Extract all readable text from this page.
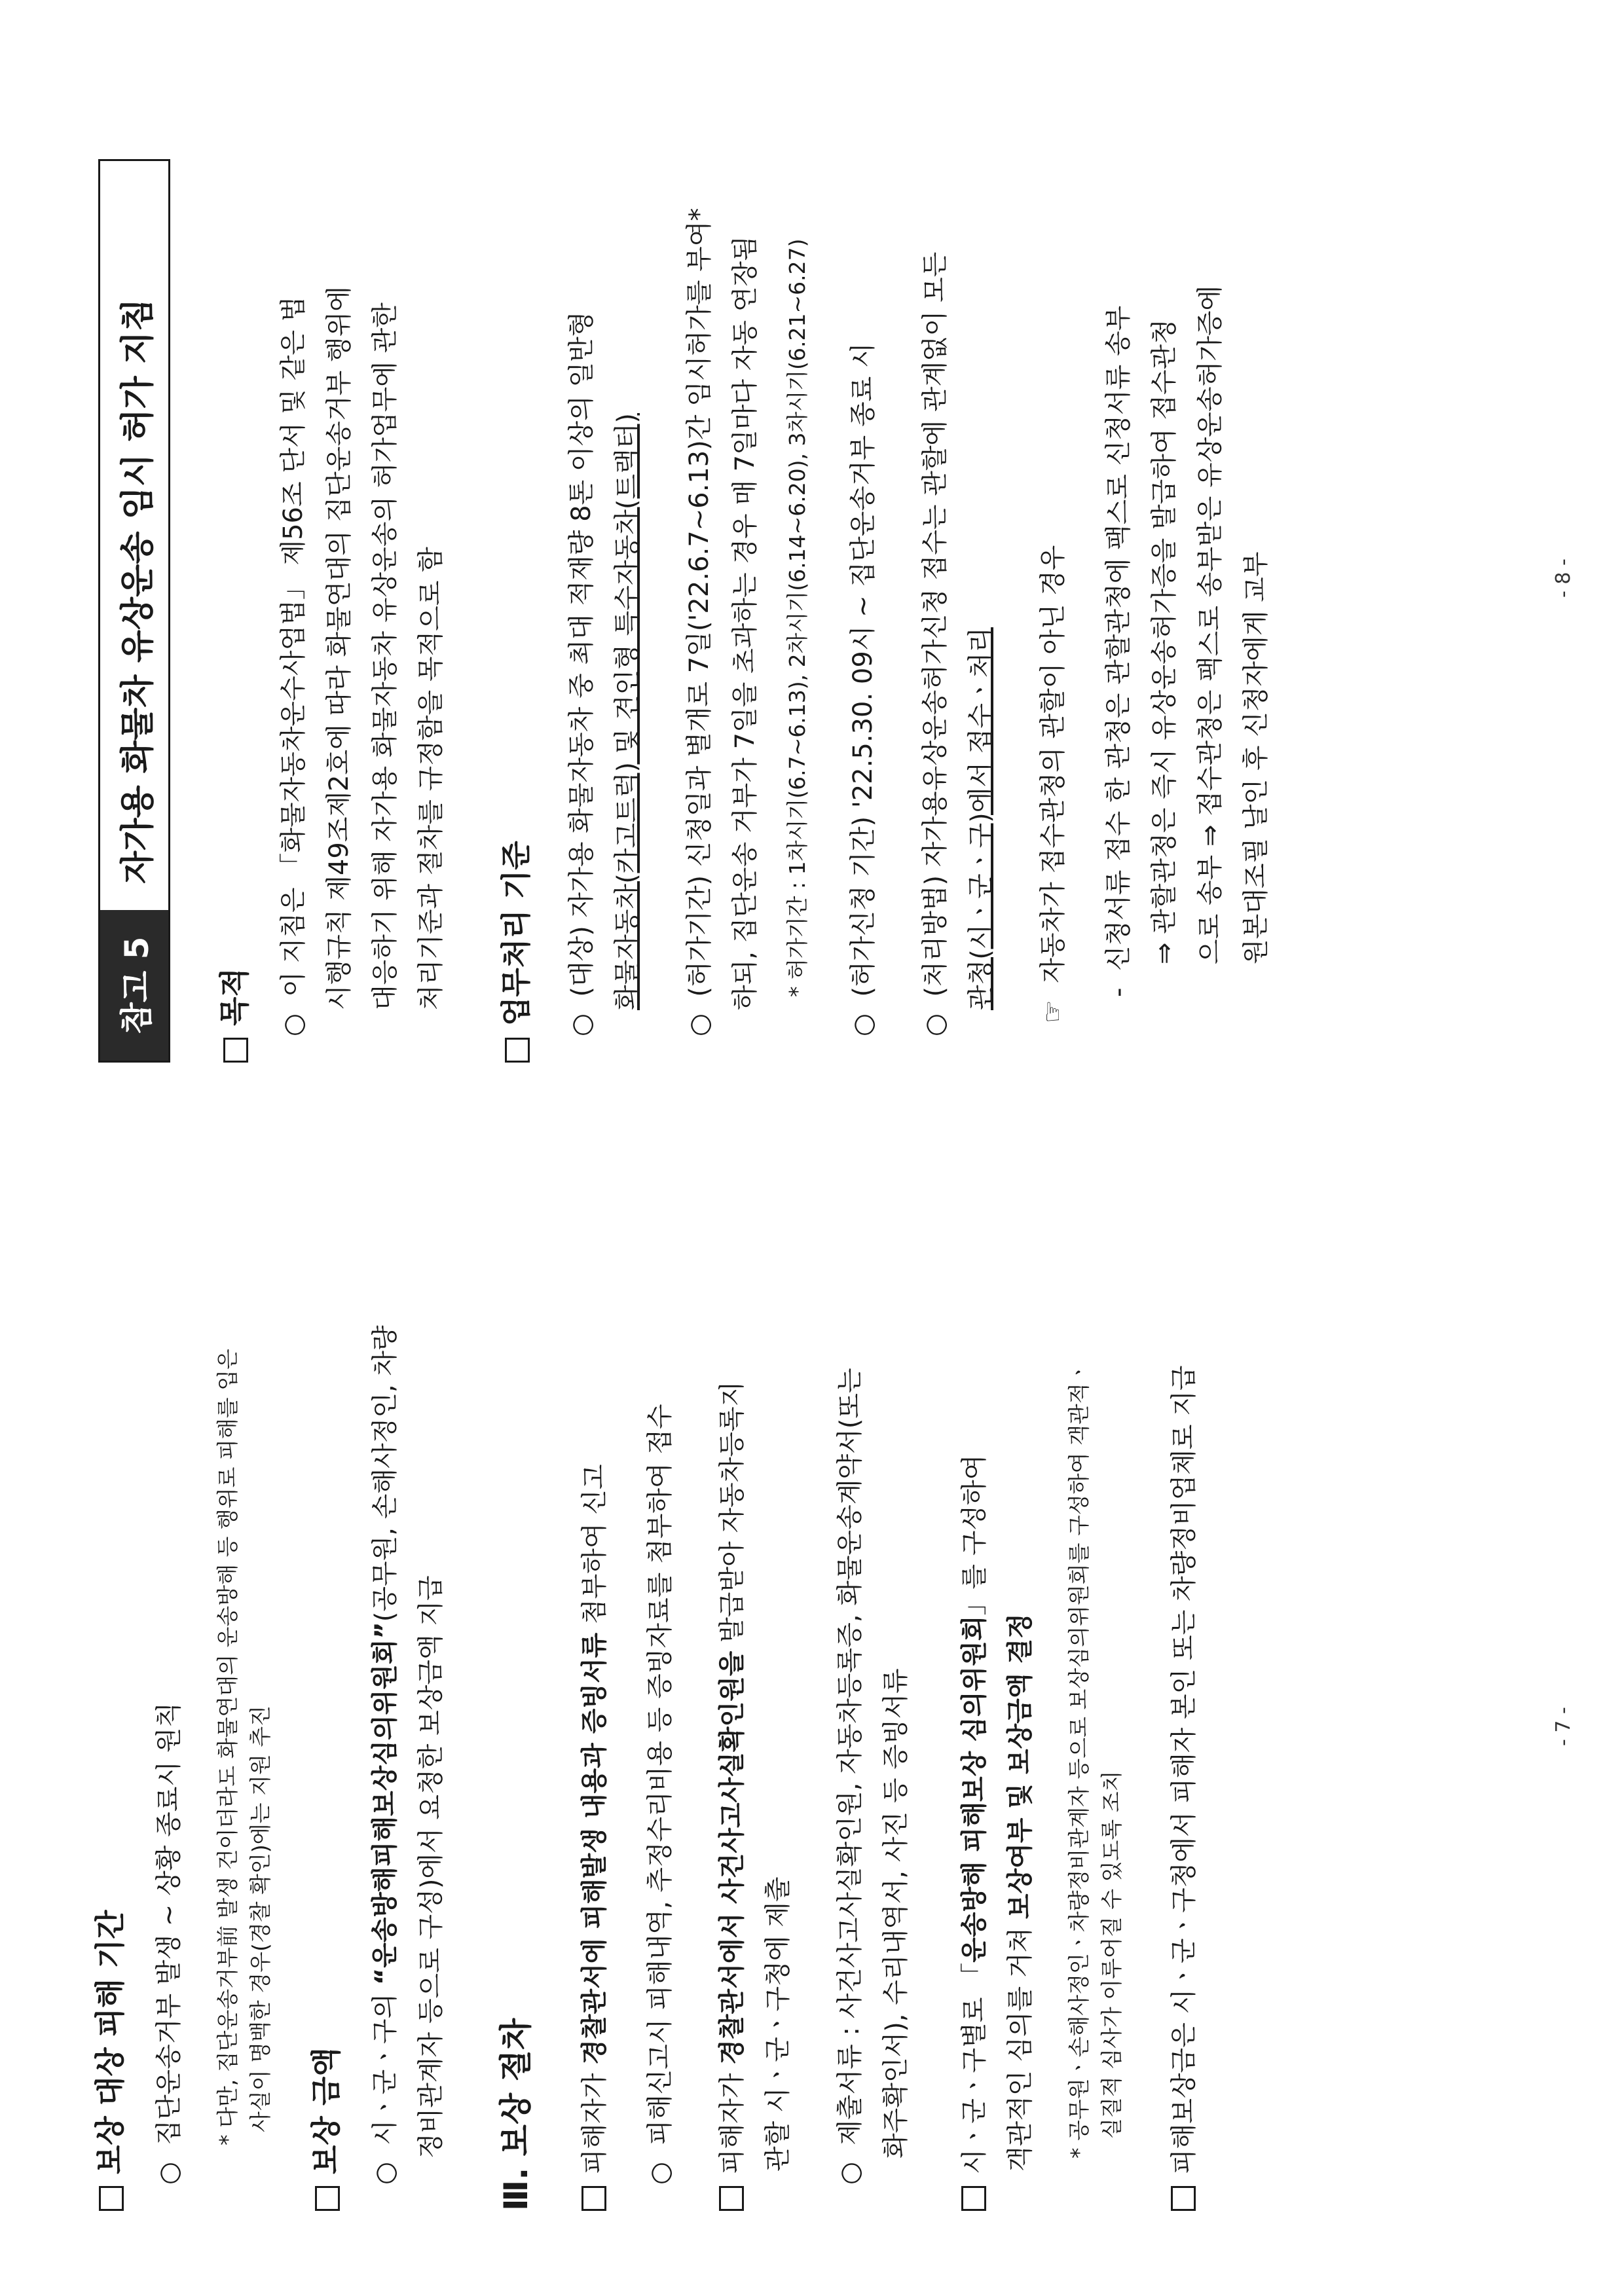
보상 대상 피해 기간 ○  집단운송거부 발생 ~ 상황 종료시 원칙 * 다만, 집단운송거부前 발생 건이더라도 화물연대의 운송방해 등 행위로 피해를 입은 사실이 명백한 경우(경찰 확인)에는 지원 추진 보상 금액 ○  시ㆍ군ㆍ구의 “운송방해피해보상심의위원회”(공무원, 손해사정인, 차량
정비관계자 등으로 구성)에서 요청한 보상금액 지급 Ⅲ. 보상 절차 피해자가 경찰관서에 피해발생 내용과 증빙서류 첨부하여 신고
○  피해신고시 피해내역, 추정수리비용 등 증빙자료를 첨부하여 접수 피해자가 경찰관서에서 사건사고사실확인원을 발급받아 자동차등록지
관할 시ㆍ군ㆍ구청에 제출
○  제출서류 : 사건사고사실확인원, 자동차등록증, 화물운송계약서(또는 화주확인서), 수리내역서, 사진 등 증빙서류 시ㆍ군ㆍ구별로 「운송방해 피해보상 심의위원회」를 구성하여
객관적인 심의를 거쳐 보상여부 및 보상금액 결정
* 공무원ㆍ손해사정인ㆍ차량정비관계자 등으로 보상심의위원회를 구성하여 객관적ㆍ 실질적 심사가 이루어질 수 있도록 조치 피해보상금은 시ㆍ군ㆍ구청에서 피해자 본인 또는 차량정비업체로 지급	- 7 -
참고 5
자가용 화물차 유상운송 임시 허가 지침
목적 ○  이 지침은 「화물자동차운수사업법」 제56조 단서 및 같은 법 시행규칙 제49조제2호에 따라 화물연대의 집단운송거부 행위에 대응하기 위해 자가용 화물자동차 유상운송의 허가업무에 관한 처리기준과 절차를 규정함을 목적으로 함 업무처리 기준 ○  (대상) 자가용 화물자동차 중 최대 적재량 8톤 이상의 일반형 화물자동차(카고트럭) 및 견인형 특수자동차(트랙터)
○  (허가기간) 신청일과 별개로 7일('22.6.7~6.13)간 임시허가를 부여* 하되, 집단운송 거부가 7일을 초과하는 경우 매 7일마다 자동 연장됨 * 허가기간 : 1차시기(6.7~6.13), 2차시기(6.14~6.20), 3차시기(6.21~6.27)
○  (허가신청 기간) '22.5.30. 09시 ~ 집단운송거부 종료 시
○  (처리방법) 자가용유상운송허가신청 접수는 관할에 관계없이 모든 관청(시ㆍ군ㆍ구)에서 접수ㆍ처리
☞  자동차가 접수관청의 관할이 아닌 경우
-  신청서류 접수 한 관청은 관할관청에 팩스로 신청서류 송부 ⇒ 관할관청은 즉시 유상운송허가증을 발급하여 접수관청 으로 송부 ⇒ 접수관청은 팩스로 송부받은 유상운송허가증에 원본대조필 날인 후 신청자에게 교부	- 8 -
